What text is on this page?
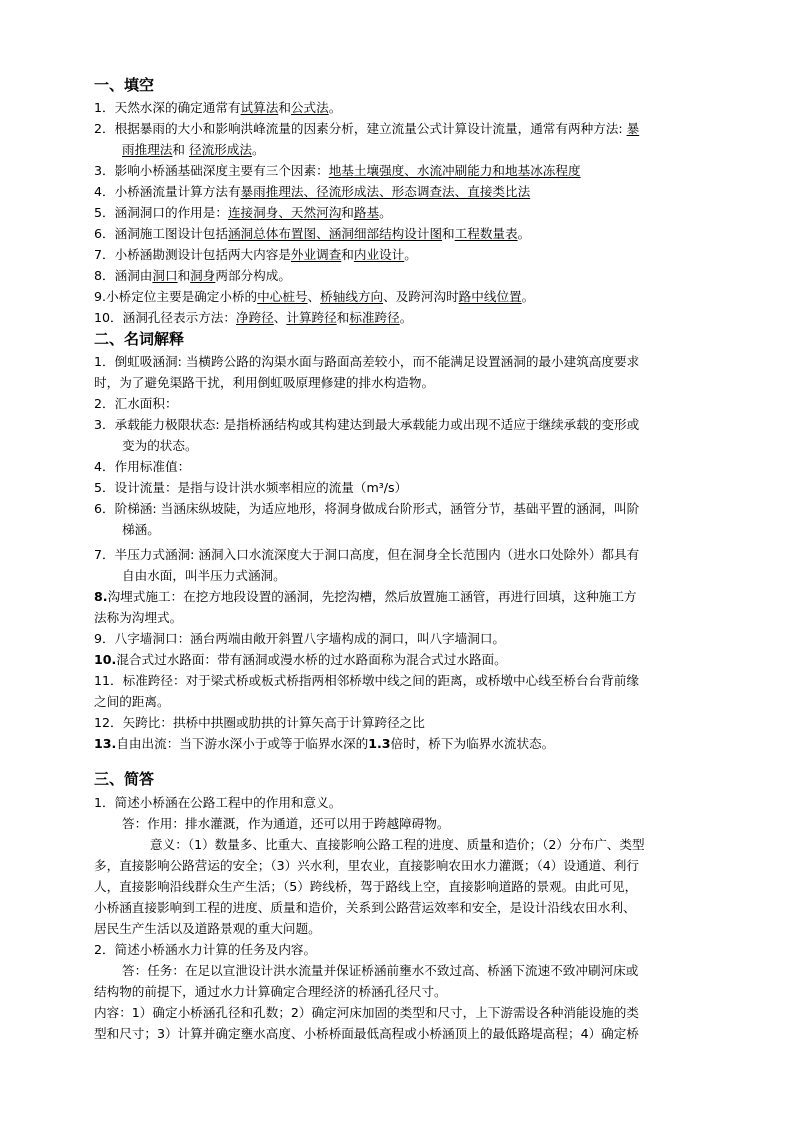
一、填空
1．天然水深的确定通常有试算法和公式法。
2．根据暴雨的大小和影响洪峰流量的因素分析，建立流量公式计算设计流量，通常有两种方法: 暴
雨推理法和 径流形成法。
3．影响小桥涵基础深度主要有三个因素：地基土壤强度、水流冲刷能力和地基冰冻程度
4．小桥涵流量计算方法有暴雨推理法、径流形成法、形态调查法、直接类比法
5．涵洞洞口的作用是：连接洞身、天然河沟和路基。
6．涵洞施工图设计包括涵洞总体布置图、涵洞细部结构设计图和工程数量表。
7．小桥涵勘测设计包括两大内容是外业调查和内业设计。
8．涵洞由洞口和洞身两部分构成。
9.小桥定位主要是确定小桥的中心桩号、桥轴线方向、及跨河沟时路中线位置。
10．涵洞孔径表示方法：净跨径、计算跨径和标准跨径。
二、名词解释
1．倒虹吸涵洞: 当横跨公路的沟渠水面与路面高差较小，而不能满足设置涵洞的最小建筑高度要求
时，为了避免渠路干扰，利用倒虹吸原理修建的排水构造物。
2．汇水面积：
3．承载能力极限状态: 是指桥涵结构或其构建达到最大承载能力或出现不适应于继续承载的变形或
变为的状态。
4．作用标准值：
5．设计流量：是指与设计洪水频率相应的流量（m³/s）
6．阶梯涵: 当涵床纵坡陡，为适应地形，将洞身做成台阶形式，涵管分节，基础平置的涵洞，叫阶
梯涵。
7．半压力式涵洞: 涵洞入口水流深度大于洞口高度，但在洞身全长范围内（进水口处除外）都具有
自由水面，叫半压力式涵洞。
8.沟埋式施工：在挖方地段设置的涵洞，先挖沟槽，然后放置施工涵管，再进行回填，这种施工方
法称为沟埋式。
9．八字墙洞口：涵台两端由敞开斜置八字墙构成的洞口，叫八字墙洞口。
10.混合式过水路面：带有涵洞或漫水桥的过水路面称为混合式过水路面。
11．标准跨径：对于梁式桥或板式桥指两相邻桥墩中线之间的距离，或桥墩中心线至桥台台背前缘
之间的距离。
12．矢跨比：拱桥中拱圈或肋拱的计算矢高于计算跨径之比
13.自由出流：当下游水深小于或等于临界水深的1.3倍时，桥下为临界水流状态。
三、简答
1．简述小桥涵在公路工程中的作用和意义。
答：作用：排水灌溉，作为通道，还可以用于跨越障碍物。
意义：（1）数量多、比重大、直接影响公路工程的进度、质量和造价；（2）分布广、类型
多，直接影响公路营运的安全；（3）兴水利，里农业，直接影响农田水力灌溉；（4）设通道、利行
人，直接影响沿线群众生产生活；（5）跨线桥，驾于路线上空，直接影响道路的景观。由此可见，
小桥涵直接影响到工程的进度、质量和造价，关系到公路营运效率和安全，是设计沿线农田水利、
居民生产生活以及道路景观的重大问题。
2．简述小桥涵水力计算的任务及内容。
答：任务：在足以宣泄设计洪水流量并保证桥涵前壅水不致过高、桥涵下流速不致冲刷河床或
结构物的前提下，通过水力计算确定合理经济的桥涵孔径尺寸。
内容：1）确定小桥涵孔径和孔数；2）确定河床加固的类型和尺寸，上下游需设各种消能设施的类
型和尺寸；3）计算并确定壅水高度、小桥桥面最低高程或小桥涵顶上的最低路堤高程；4）确定桥
